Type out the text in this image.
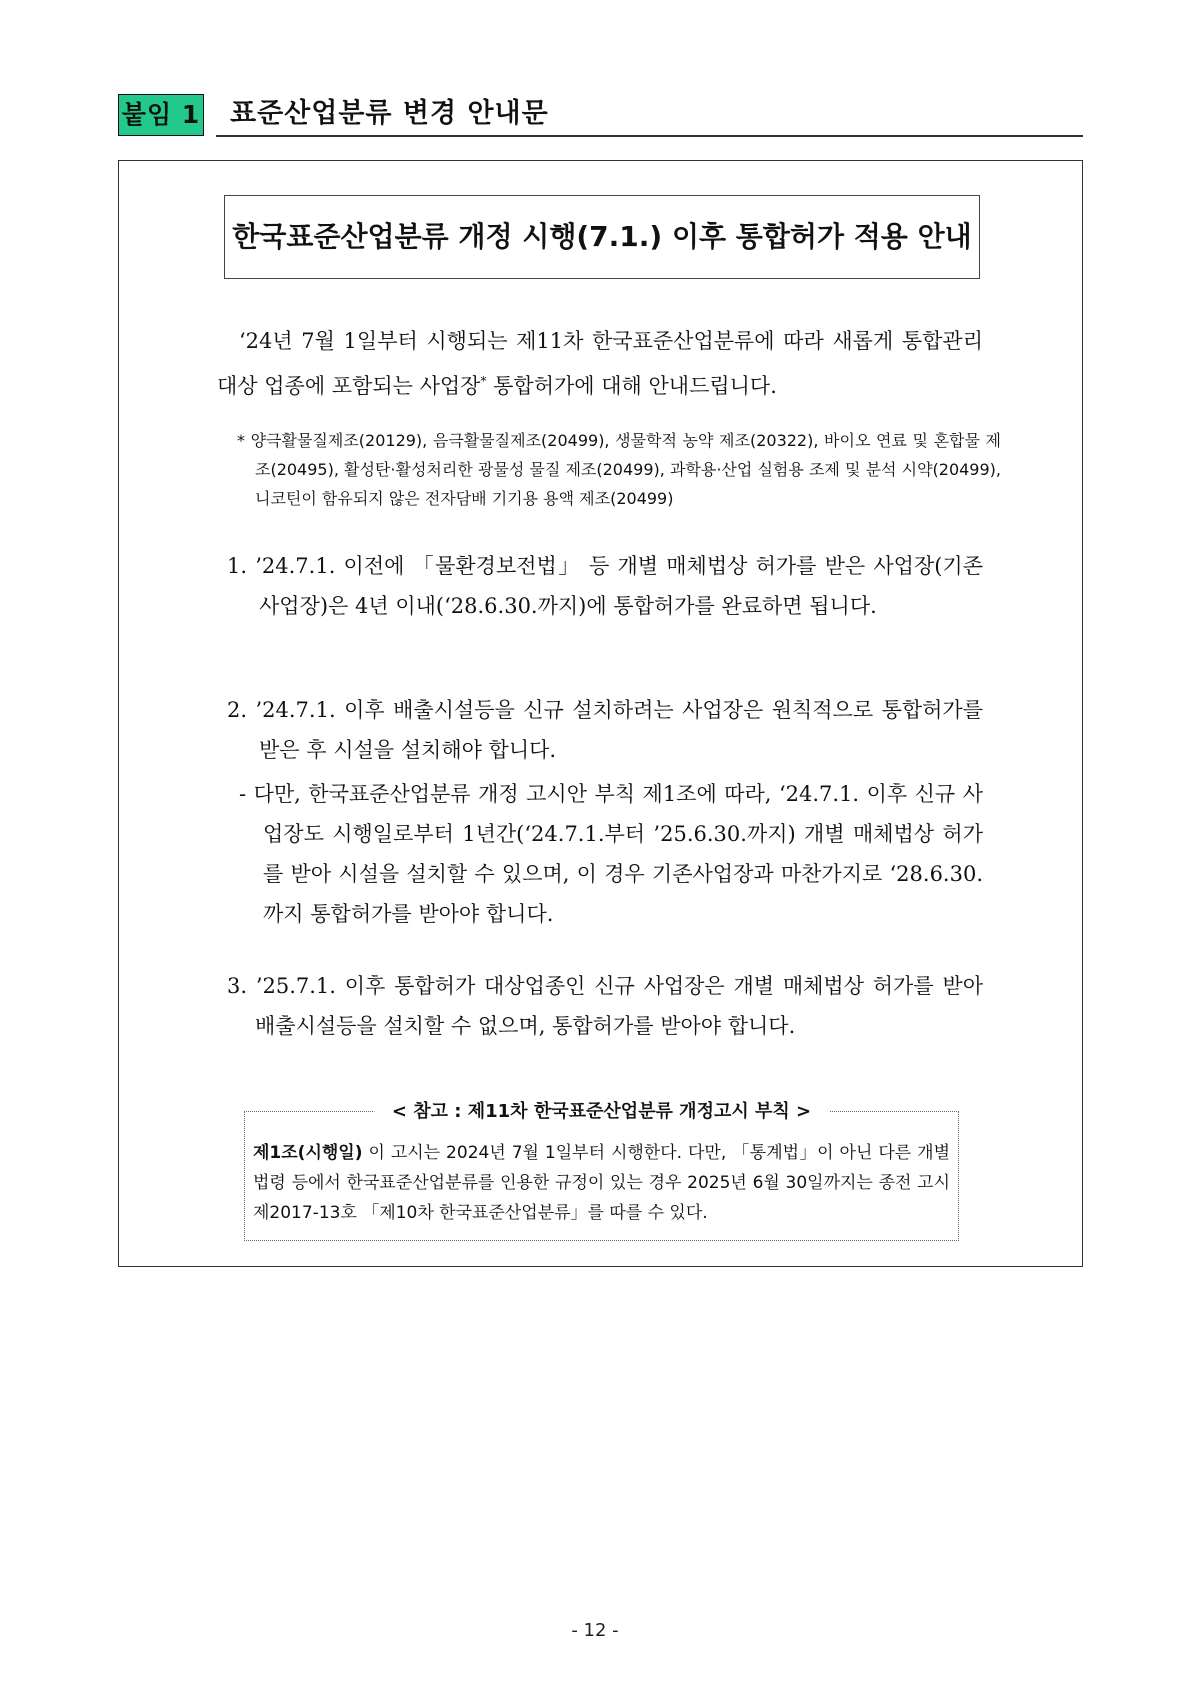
붙임 1 표준산업분류 변경 안내문
한국표준산업분류 개정 시행(7.1.) 이후 통합허가 적용 안내
‘24년 7월 1일부터 시행되는 제11차 한국표준산업분류에 따라 새롭게 통합관리 대상 업종에 포함되는 사업장* 통합허가에 대해 안내드립니다.
* 양극활물질제조(20129), 음극활물질제조(20499), 생물학적 농약 제조(20322), 바이오 연료 및 혼합물 제조(20495), 활성탄·활성처리한 광물성 물질 제조(20499), 과학용·산업 실험용 조제 및 분석 시약(20499), 니코틴이 함유되지 않은 전자담배 기기용 용액 제조(20499)
1. ’24.7.1. 이전에 「물환경보전법」 등 개별 매체법상 허가를 받은 사업장(기존사업장)은 4년 이내(‘28.6.30.까지)에 통합허가를 완료하면 됩니다.
2. ’24.7.1. 이후 배출시설등을 신규 설치하려는 사업장은 원칙적으로 통합허가를 받은 후 시설을 설치해야 합니다.
- 다만, 한국표준산업분류 개정 고시안 부칙 제1조에 따라, ‘24.7.1. 이후 신규 사업장도 시행일로부터 1년간(‘24.7.1.부터 ’25.6.30.까지) 개별 매체법상 허가를 받아 시설을 설치할 수 있으며, 이 경우 기존사업장과 마찬가지로 ‘28.6.30.까지 통합허가를 받아야 합니다.
3. ’25.7.1. 이후 통합허가 대상업종인 신규 사업장은 개별 매체법상 허가를 받아 배출시설등을 설치할 수 없으며, 통합허가를 받아야 합니다.
< 참고 : 제11차 한국표준산업분류 개정고시 부칙 >
제1조(시행일) 이 고시는 2024년 7월 1일부터 시행한다. 다만, 「통계법」이 아닌 다른 개별법령 등에서 한국표준산업분류를 인용한 규정이 있는 경우 2025년 6월 30일까지는 종전 고시 제2017-13호 「제10차 한국표준산업분류」를 따를 수 있다.
- 12 -
